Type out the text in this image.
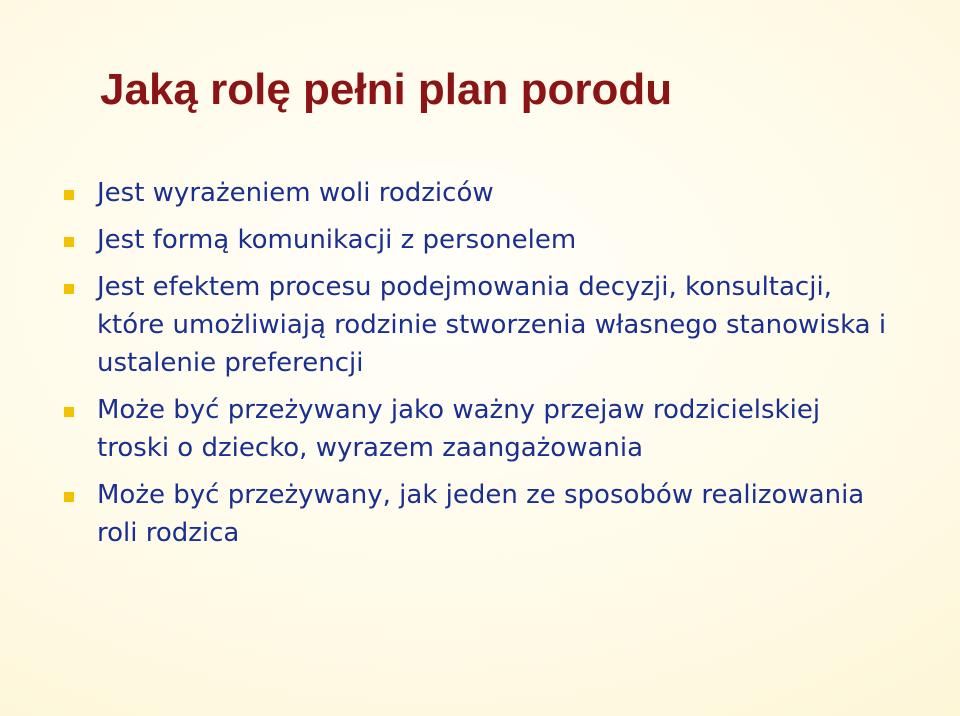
Jaką rolę pełni plan porodu
Jest wyrażeniem woli rodziców
Jest formą komunikacji z personelem
Jest efektem procesu podejmowania decyzji, konsultacji, które umożliwiają rodzinie stworzenia własnego stanowiska i ustalenie preferencji
Może być przeżywany jako ważny przejaw rodzicielskiej troski o dziecko, wyrazem zaangażowania
Może być przeżywany, jak jeden ze sposobów realizowania roli rodzica
